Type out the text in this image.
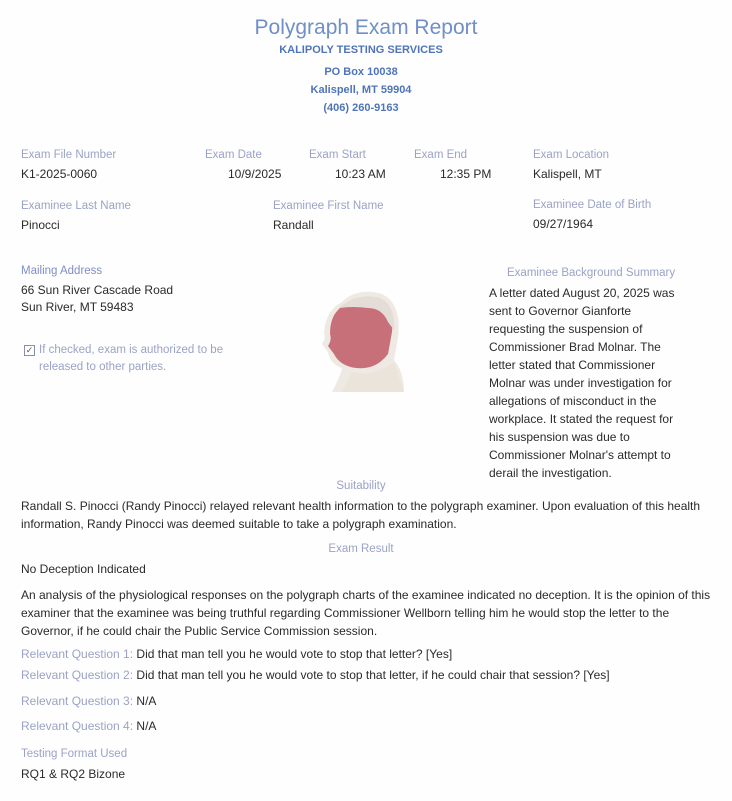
Polygraph Exam Report
KALIPOLY TESTING SERVICES
PO Box 10038
Kalispell, MT 59904
(406) 260-9163
Exam File Number
K1-2025-0060
Exam Date
10/9/2025
Exam Start
10:23 AM
Exam End
12:35 PM
Exam Location
Kalispell, MT
Examinee Last Name
Pinocci
Examinee First Name
Randall
Examinee Date of Birth
09/27/1964
Mailing Address
66 Sun River Cascade Road
Sun River, MT 59483
✓ If checked, exam is authorized to be
released to other parties.
Examinee Background Summary
A letter dated August 20, 2025 was sent to Governor Gianforte requesting the suspension of Commissioner Brad Molnar. The letter stated that Commissioner Molnar was under investigation for allegations of misconduct in the workplace. It stated the request for his suspension was due to Commissioner Molnar's attempt to derail the investigation.
Suitability
Randall S. Pinocci (Randy Pinocci) relayed relevant health information to the polygraph examiner. Upon evaluation of this health information, Randy Pinocci was deemed suitable to take a polygraph examination.
Exam Result
No Deception Indicated
An analysis of the physiological responses on the polygraph charts of the examinee indicated no deception. It is the opinion of this examiner that the examinee was being truthful regarding Commissioner Wellborn telling him he would stop the letter to the Governor, if he could chair the Public Service Commission session.
Relevant Question 1: Did that man tell you he would vote to stop that letter? [Yes]
Relevant Question 2: Did that man tell you he would vote to stop that letter, if he could chair that session? [Yes]
Relevant Question 3: N/A
Relevant Question 4: N/A
Testing Format Used
RQ1 & RQ2 Bizone
